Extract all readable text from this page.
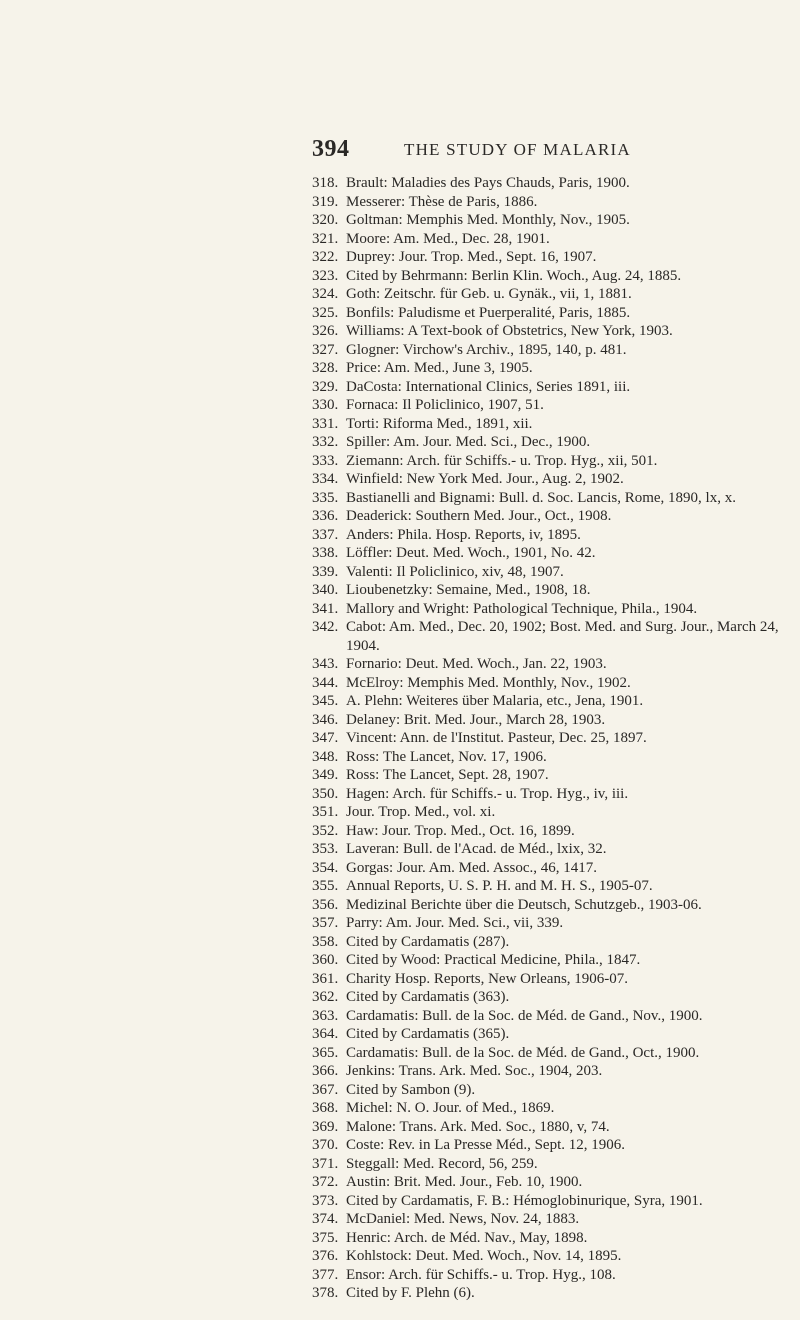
394	THE STUDY OF MALARIA
318. Brault: Maladies des Pays Chauds, Paris, 1900.
319. Messerer: Thèse de Paris, 1886.
320. Goltman: Memphis Med. Monthly, Nov., 1905.
321. Moore: Am. Med., Dec. 28, 1901.
322. Duprey: Jour. Trop. Med., Sept. 16, 1907.
323. Cited by Behrmann: Berlin Klin. Woch., Aug. 24, 1885.
324. Goth: Zeitschr. für Geb. u. Gynäk., vii, 1, 1881.
325. Bonfils: Paludisme et Puerperalité, Paris, 1885.
326. Williams: A Text-book of Obstetrics, New York, 1903.
327. Glogner: Virchow's Archiv., 1895, 140, p. 481.
328. Price: Am. Med., June 3, 1905.
329. DaCosta: International Clinics, Series 1891, iii.
330. Fornaca: Il Policlinico, 1907, 51.
331. Torti: Riforma Med., 1891, xii.
332. Spiller: Am. Jour. Med. Sci., Dec., 1900.
333. Ziemann: Arch. für Schiffs.- u. Trop. Hyg., xii, 501.
334. Winfield: New York Med. Jour., Aug. 2, 1902.
335. Bastianelli and Bignami: Bull. d. Soc. Lancis, Rome, 1890, lx, x.
336. Deaderick: Southern Med. Jour., Oct., 1908.
337. Anders: Phila. Hosp. Reports, iv, 1895.
338. Löffler: Deut. Med. Woch., 1901, No. 42.
339. Valenti: Il Policlinico, xiv, 48, 1907.
340. Lioubenetzky: Semaine, Med., 1908, 18.
341. Mallory and Wright: Pathological Technique, Phila., 1904.
342. Cabot: Am. Med., Dec. 20, 1902; Bost. Med. and Surg. Jour., March 24, 1904.
343. Fornario: Deut. Med. Woch., Jan. 22, 1903.
344. McElroy: Memphis Med. Monthly, Nov., 1902.
345. A. Plehn: Weiteres über Malaria, etc., Jena, 1901.
346. Delaney: Brit. Med. Jour., March 28, 1903.
347. Vincent: Ann. de l'Institut. Pasteur, Dec. 25, 1897.
348. Ross: The Lancet, Nov. 17, 1906.
349. Ross: The Lancet, Sept. 28, 1907.
350. Hagen: Arch. für Schiffs.- u. Trop. Hyg., iv, iii.
351. Jour. Trop. Med., vol. xi.
352. Haw: Jour. Trop. Med., Oct. 16, 1899.
353. Laveran: Bull. de l'Acad. de Méd., lxix, 32.
354. Gorgas: Jour. Am. Med. Assoc., 46, 1417.
355. Annual Reports, U. S. P. H. and M. H. S., 1905-07.
356. Medizinal Berichte über die Deutsch, Schutzgeb., 1903-06.
357. Parry: Am. Jour. Med. Sci., vii, 339.
358. Cited by Cardamatis (287).
360. Cited by Wood: Practical Medicine, Phila., 1847.
361. Charity Hosp. Reports, New Orleans, 1906-07.
362. Cited by Cardamatis (363).
363. Cardamatis: Bull. de la Soc. de Méd. de Gand., Nov., 1900.
364. Cited by Cardamatis (365).
365. Cardamatis: Bull. de la Soc. de Méd. de Gand., Oct., 1900.
366. Jenkins: Trans. Ark. Med. Soc., 1904, 203.
367. Cited by Sambon (9).
368. Michel: N. O. Jour. of Med., 1869.
369. Malone: Trans. Ark. Med. Soc., 1880, v, 74.
370. Coste: Rev. in La Presse Méd., Sept. 12, 1906.
371. Steggall: Med. Record, 56, 259.
372. Austin: Brit. Med. Jour., Feb. 10, 1900.
373. Cited by Cardamatis, F. B.: Hémoglobinurique, Syra, 1901.
374. McDaniel: Med. News, Nov. 24, 1883.
375. Henric: Arch. de Méd. Nav., May, 1898.
376. Kohlstock: Deut. Med. Woch., Nov. 14, 1895.
377. Ensor: Arch. für Schiffs.- u. Trop. Hyg., 108.
378. Cited by F. Plehn (6).
